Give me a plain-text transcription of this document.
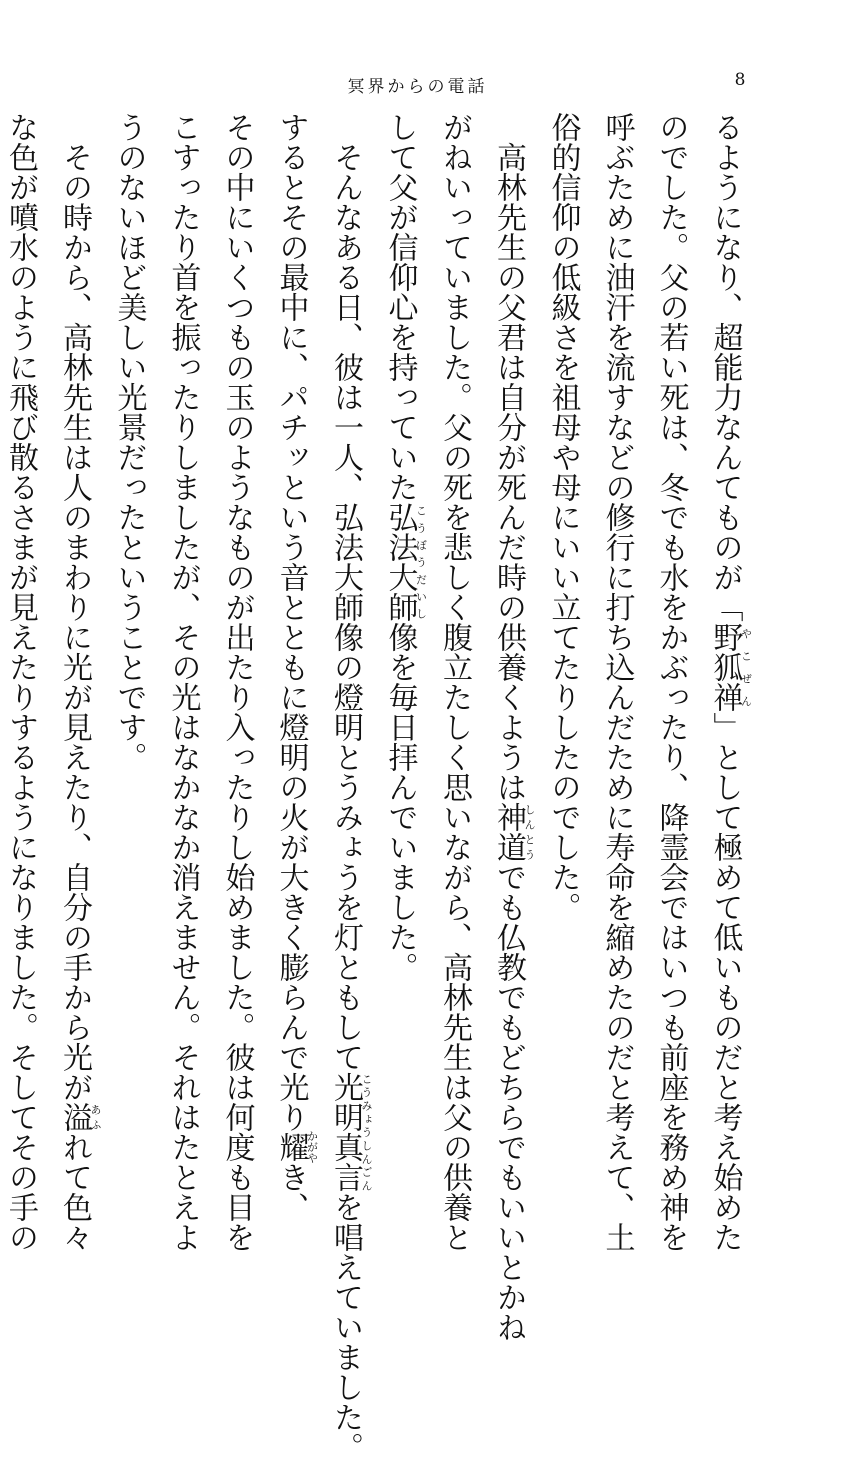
冥界からの電話	8
るようになり、超能力なんてものが「野狐禅やこぜん」として極めて低いものだと考え始めた
のでした。父の若い死は、冬でも水をかぶったり、降霊会ではいつも前座を務め神を
呼ぶために油汗を流すなどの修行に打ち込んだために寿命を縮めたのだと考えて、土
俗的信仰の低級さを祖母や母にいい立てたりしたのでした。
高林先生の父君は自分が死んだ時の供養くようは神道しんとうでも仏教でもどちらでもいいとかね
がねいっていました。父の死を悲しく腹立たしく思いながら、高林先生は父の供養と
して父が信仰心を持っていた弘法大師こうぼうだいし像を毎日拝んでいました。
そんなある日、彼は一人、弘法大師像の燈明とうみょうを灯ともして光明真言こうみょうしんごんを唱えていました。
するとその最中に、パチッという音とともに燈明の火が大きく膨らんで光り耀かがやき、
その中にいくつもの玉のようなものが出たり入ったりし始めました。彼は何度も目を
こすったり首を振ったりしましたが、その光はなかなか消えません。それはたとえよ
うのないほど美しい光景だったということです。
その時から、高林先生は人のまわりに光が見えたり、自分の手から光が溢あふれて色々
な色が噴水のように飛び散るさまが見えたりするようになりました。そしてその手の
